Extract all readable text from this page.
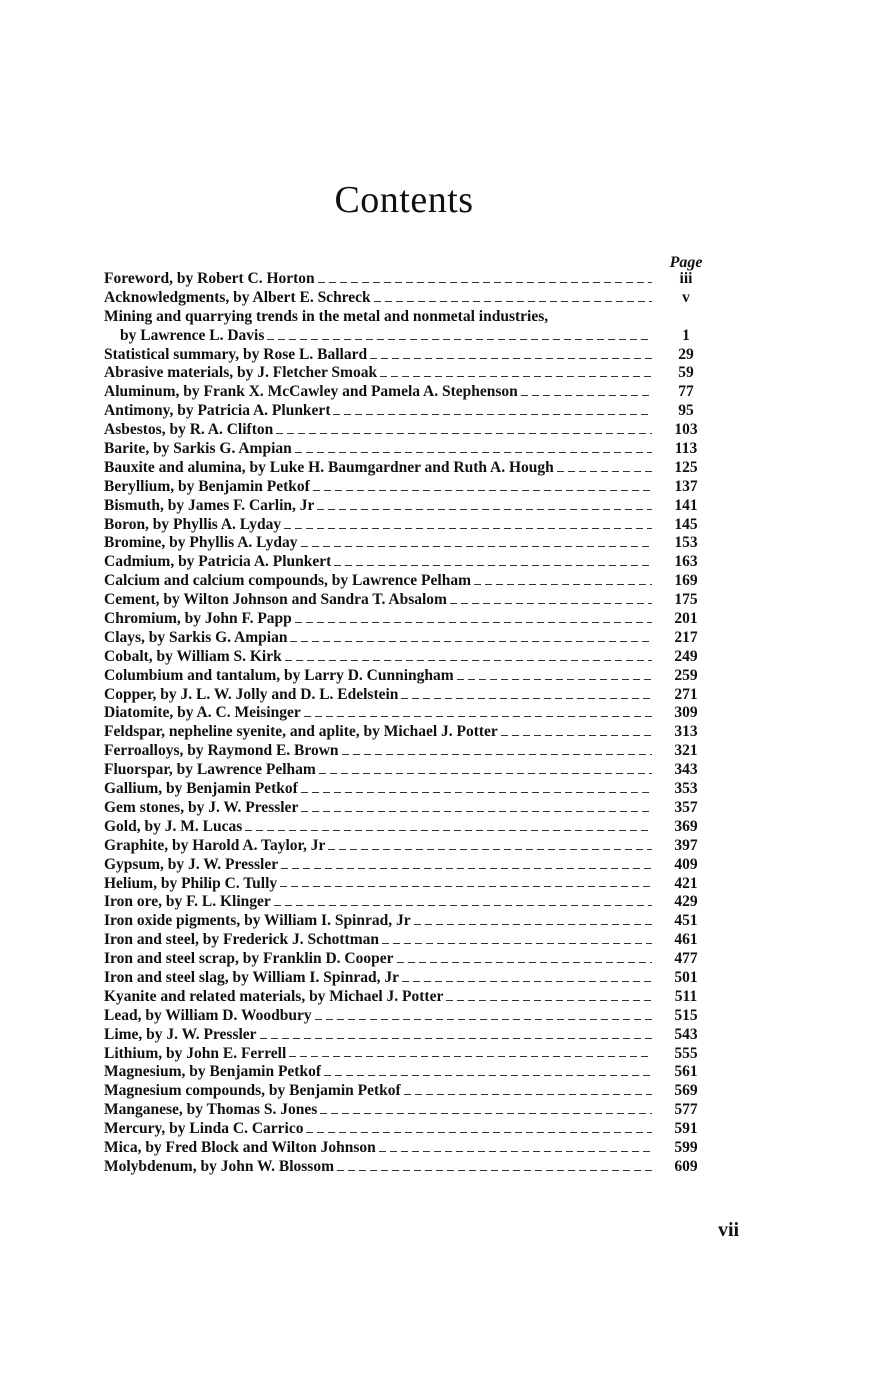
Contents
Page
Foreword, by Robert C. Horton	iii
Acknowledgments, by Albert E. Schreck	v
Mining and quarrying trends in the metal and nonmetal industries,
by Lawrence L. Davis	1
Statistical summary, by Rose L. Ballard	29
Abrasive materials, by J. Fletcher Smoak	59
Aluminum, by Frank X. McCawley and Pamela A. Stephenson	77
Antimony, by Patricia A. Plunkert	95
Asbestos, by R. A. Clifton	103
Barite, by Sarkis G. Ampian	113
Bauxite and alumina, by Luke H. Baumgardner and Ruth A. Hough	125
Beryllium, by Benjamin Petkof	137
Bismuth, by James F. Carlin, Jr	141
Boron, by Phyllis A. Lyday	145
Bromine, by Phyllis A. Lyday	153
Cadmium, by Patricia A. Plunkert	163
Calcium and calcium compounds, by Lawrence Pelham	169
Cement, by Wilton Johnson and Sandra T. Absalom	175
Chromium, by John F. Papp	201
Clays, by Sarkis G. Ampian	217
Cobalt, by William S. Kirk	249
Columbium and tantalum, by Larry D. Cunningham	259
Copper, by J. L. W. Jolly and D. L. Edelstein	271
Diatomite, by A. C. Meisinger	309
Feldspar, nepheline syenite, and aplite, by Michael J. Potter	313
Ferroalloys, by Raymond E. Brown	321
Fluorspar, by Lawrence Pelham	343
Gallium, by Benjamin Petkof	353
Gem stones, by J. W. Pressler	357
Gold, by J. M. Lucas	369
Graphite, by Harold A. Taylor, Jr	397
Gypsum, by J. W. Pressler	409
Helium, by Philip C. Tully	421
Iron ore, by F. L. Klinger	429
Iron oxide pigments, by William I. Spinrad, Jr	451
Iron and steel, by Frederick J. Schottman	461
Iron and steel scrap, by Franklin D. Cooper	477
Iron and steel slag, by William I. Spinrad, Jr	501
Kyanite and related materials, by Michael J. Potter	511
Lead, by William D. Woodbury	515
Lime, by J. W. Pressler	543
Lithium, by John E. Ferrell	555
Magnesium, by Benjamin Petkof	561
Magnesium compounds, by Benjamin Petkof	569
Manganese, by Thomas S. Jones	577
Mercury, by Linda C. Carrico	591
Mica, by Fred Block and Wilton Johnson	599
Molybdenum, by John W. Blossom	609
vii
